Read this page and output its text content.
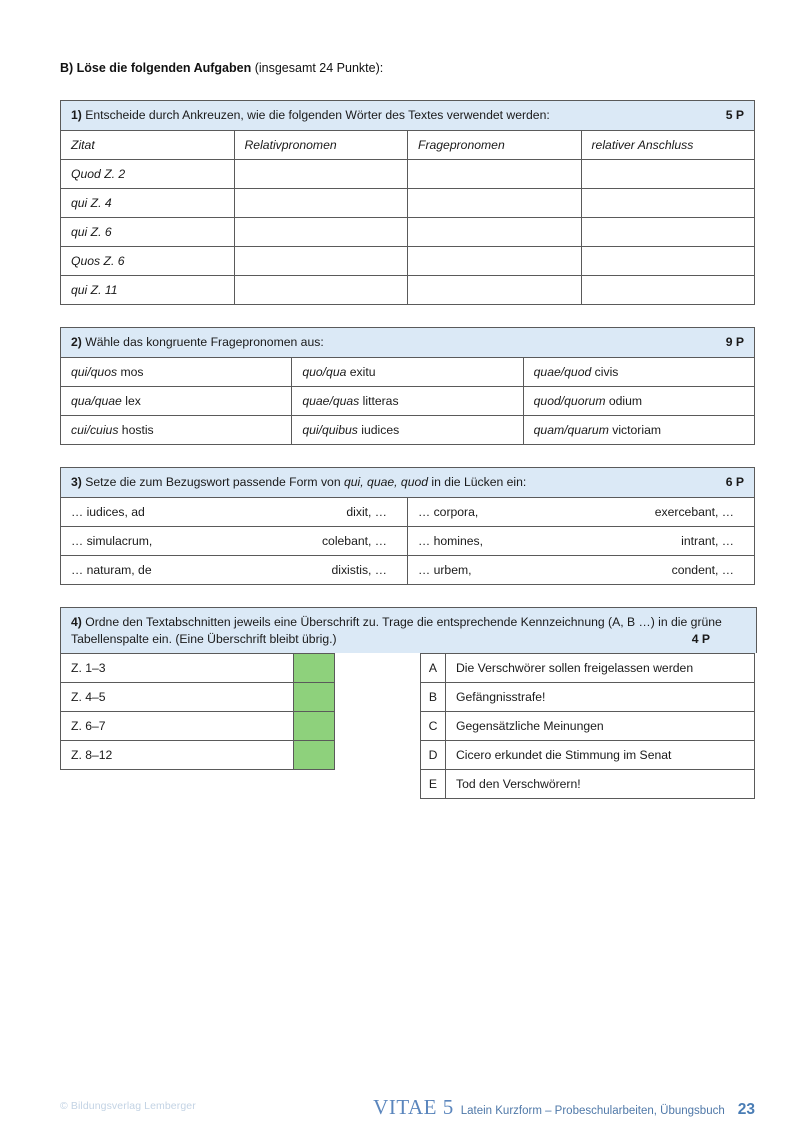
B) Löse die folgenden Aufgaben (insgesamt 24 Punkte):

1) Entscheide durch Ankreuzen, wie die folgenden Wörter des Textes verwendet werden: 5 P			

Zitat	Relativpronomen	Fragepronomen	relativer Anschluss
Quod Z. 2			
qui Z. 4			
qui Z. 6			
Quos Z. 6			
qui Z. 11			
2) Wähle das kongruente Fragepronomen aus: 9 P		

qui/quos mos	quo/qua exitu	quae/quod civis
qua/quae lex	quae/quas litteras	quod/quorum odium
cui/cuius hostis	qui/quibus iudices	quam/quarum victoriam
3) Setze die zum Bezugswort passende Form von qui, quae, quod in die Lücken ein: 6 P	

… iudices, ad dixit, …	… corpora, exercebant, …

… simulacrum, colebant, …	… homines, intrant, …

… naturam, de dixistis, …	… urbem, condent, …
4) Ordne den Textabschnitten jeweils eine Überschrift zu. Trage die entsprechende Kennzeichnung (A, B …) in die grüne Tabellenspalte ein. (Eine Überschrift bleibt übrig.)	4 P
Z. 1–3	
Z. 4–5	
Z. 6–7	
Z. 8–12	
A	Die Verschwörer sollen freigelassen werden
B	Gefängnisstrafe!
C	Gegensätzliche Meinungen
D	Cicero erkundet die Stimmung im Senat
E	Tod den Verschwörern!
© Bildungsverlag Lemberger	VITAE 5 Latein Kurzform – Probeschularbeiten, Übungsbuch 23
